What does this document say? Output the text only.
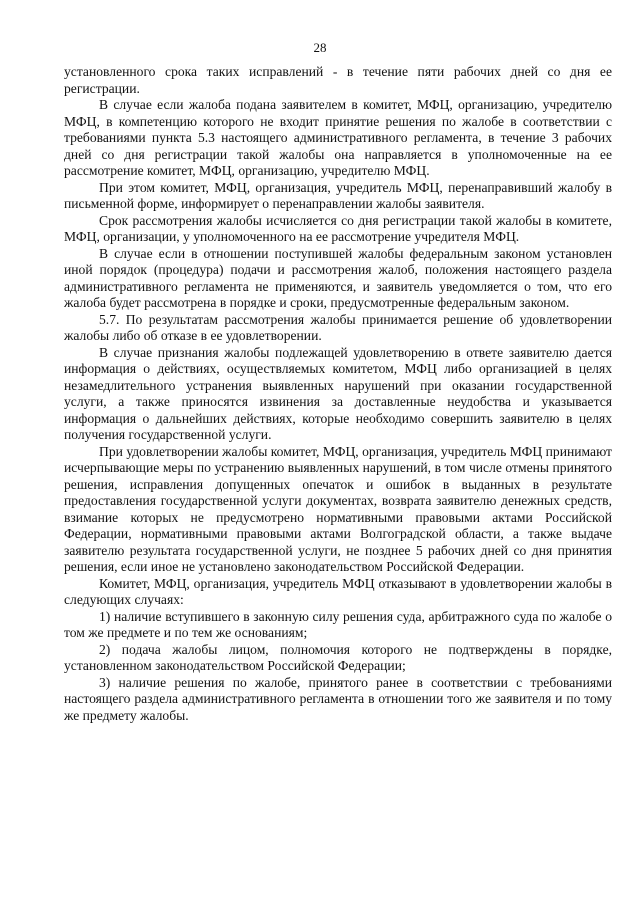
28

установленного срока таких исправлений - в течение пяти рабочих дней со дня ее регистрации.

В случае если жалоба подана заявителем в комитет, МФЦ, организацию, учредителю МФЦ, в компетенцию которого не входит принятие решения по жалобе в соответствии с требованиями пункта 5.3 настоящего административного регламента, в течение 3 рабочих дней со дня регистрации такой жалобы она направляется в уполномоченные на ее рассмотрение комитет, МФЦ, организацию, учредителю МФЦ.

При этом комитет, МФЦ, организация, учредитель МФЦ, перенаправивший жалобу в письменной форме, информирует о перенаправлении жалобы заявителя.

Срок рассмотрения жалобы исчисляется со дня регистрации такой жалобы в комитете, МФЦ, организации, у уполномоченного на ее рассмотрение учредителя МФЦ.

В случае если в отношении поступившей жалобы федеральным законом установлен иной порядок (процедура) подачи и рассмотрения жалоб, положения настоящего раздела административного регламента не применяются, и заявитель уведомляется о том, что его жалоба будет рассмотрена в порядке и сроки, предусмотренные федеральным законом.

5.7. По результатам рассмотрения жалобы принимается решение об удовлетворении жалобы либо об отказе в ее удовлетворении.

В случае признания жалобы подлежащей удовлетворению в ответе заявителю дается информация о действиях, осуществляемых комитетом, МФЦ либо организацией в целях незамедлительного устранения выявленных нарушений при оказании государственной услуги, а также приносятся извинения за доставленные неудобства и указывается информация о дальнейших действиях, которые необходимо совершить заявителю в целях получения государственной услуги.

При удовлетворении жалобы комитет, МФЦ, организация, учредитель МФЦ принимают исчерпывающие меры по устранению выявленных нарушений, в том числе отмены принятого решения, исправления допущенных опечаток и ошибок в выданных в результате предоставления государственной услуги документах, возврата заявителю денежных средств, взимание которых не предусмотрено нормативными правовыми актами Российской Федерации, нормативными правовыми актами Волгоградской области, а также выдаче заявителю результата государственной услуги, не позднее 5 рабочих дней со дня принятия решения, если иное не установлено законодательством Российской Федерации.

Комитет, МФЦ, организация, учредитель МФЦ отказывают в удовлетворении жалобы в следующих случаях:

1) наличие вступившего в законную силу решения суда, арбитражного суда по жалобе о том же предмете и по тем же основаниям;

2) подача жалобы лицом, полномочия которого не подтверждены в порядке, установленном законодательством Российской Федерации;

3) наличие решения по жалобе, принятого ранее в соответствии с требованиями настоящего раздела административного регламента в отношении того же заявителя и по тому же предмету жалобы.
